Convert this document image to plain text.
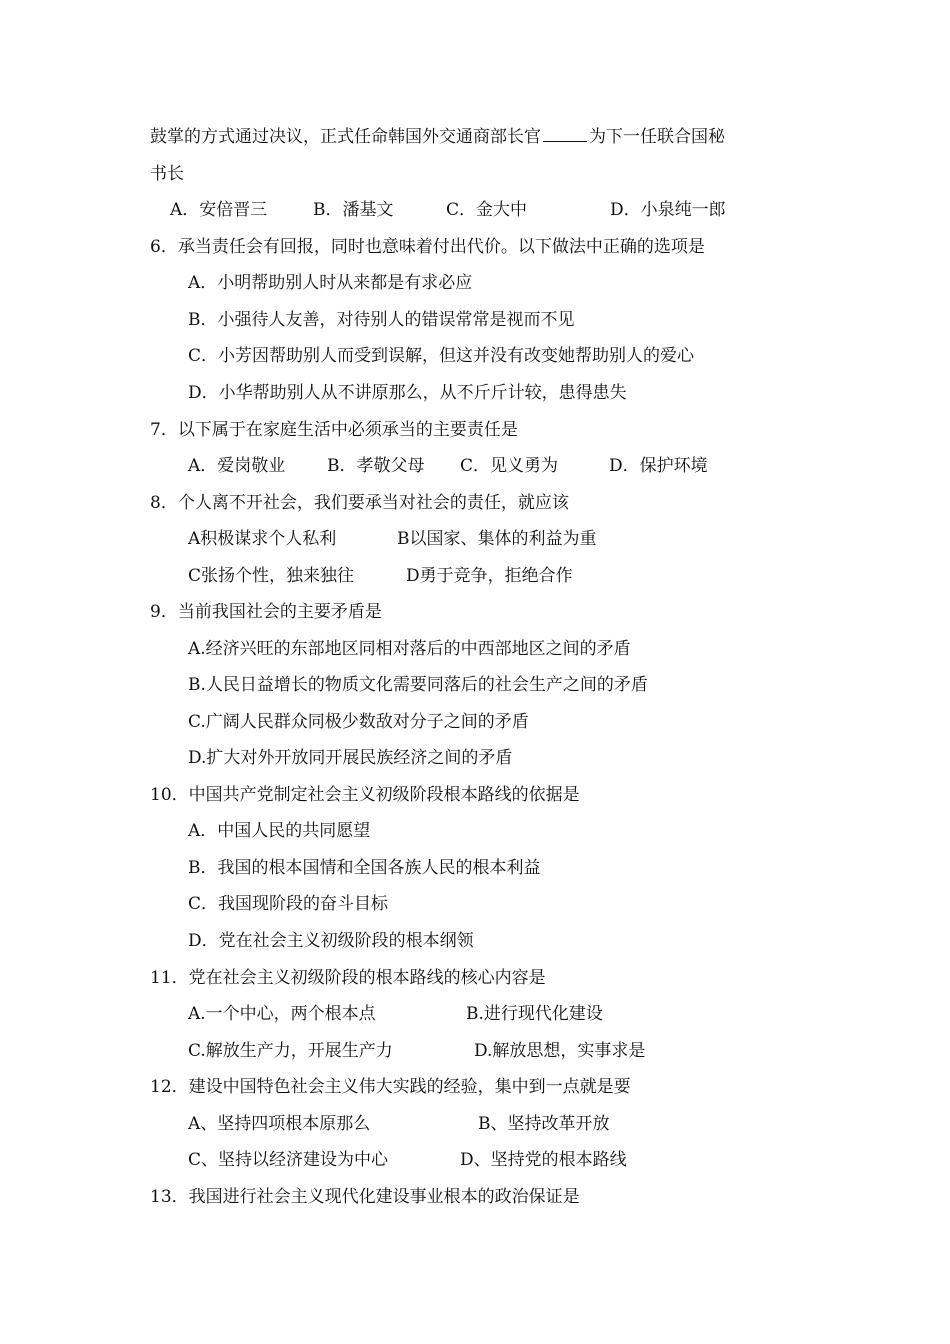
鼓掌的方式通过决议，正式任命韩国外交通商部长官	为下一任联合国秘
书长
A．安倍晋三	B．潘基文	C．金大中	D．小泉纯一郎
6．承当责任会有回报，同时也意味着付出代价。以下做法中正确的选项是
A．小明帮助别人时从来都是有求必应
B．小强待人友善，对待别人的错误常常是视而不见
C．小芳因帮助别人而受到误解，但这并没有改变她帮助别人的爱心
D．小华帮助别人从不讲原那么，从不斤斤计较，患得患失
7．以下属于在家庭生活中必须承当的主要责任是
A．爱岗敬业 B．孝敬父母 C．见义勇为	D．保护环境
8．个人离不开社会，我们要承当对社会的责任，就应该
A积极谋求个人私利	B以国家、集体的利益为重
C张扬个性，独来独往	D勇于竞争，拒绝合作
9．当前我国社会的主要矛盾是
A.经济兴旺的东部地区同相对落后的中西部地区之间的矛盾
B.人民日益增长的物质文化需要同落后的社会生产之间的矛盾
C.广阔人民群众同极少数敌对分子之间的矛盾
D.扩大对外开放同开展民族经济之间的矛盾
10．中国共产党制定社会主义初级阶段根本路线的依据是
A．中国人民的共同愿望
B．我国的根本国情和全国各族人民的根本利益
C．我国现阶段的奋斗目标
D．党在社会主义初级阶段的根本纲领
11．党在社会主义初级阶段的根本路线的核心内容是
A.一个中心，两个根本点	B.进行现代化建设
C.解放生产力，开展生产力	D.解放思想，实事求是
12．建设中国特色社会主义伟大实践的经验，集中到一点就是要
A、坚持四项根本原那么	B、坚持改革开放
C、坚持以经济建设为中心	D、坚持党的根本路线
13．我国进行社会主义现代化建设事业根本的政治保证是
